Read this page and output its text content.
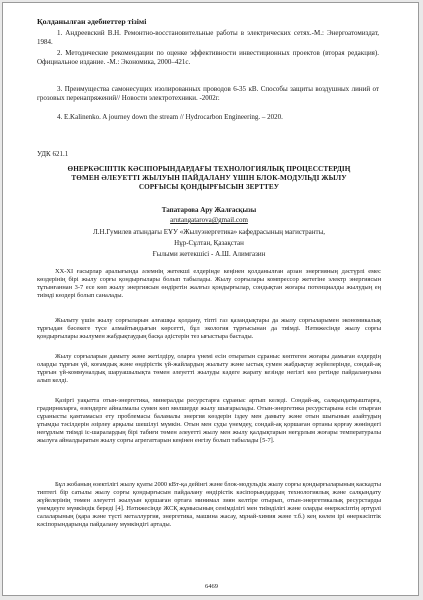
Қолданылған әдебиеттер тізімі
1. Андреевский В.Н. Ремонтно-восстановительные работы в электрических сетях.-М.: Энергоатомиздат, 1984.
2. Методические рекомендации по оценке эффективности инвестиционных проектов (вторая редакция). Официальное издание. -М.: Экономика, 2000–421с.
3. Преимущества самонесущих изолированных проводов 6-35 кВ. Способы защиты воздушных линий от грозовых перенапряжений// Новости электротехники. -2002г.
4. E.Kalinenko. A journey down the stream // Hydrocarbon Engineering. – 2020.
УДК 621.1
ӨНЕРКӘСІПТІК КӘСІПОРЫНДАРДАҒЫ ТЕХНОЛОГИЯЛЫҚ ПРОЦЕССТЕРДІҢ
ТӨМЕН ӘЛЕУЕТТІ ЖЫЛУЫН ПАЙДАЛАНУ ҮШІН БЛОК-МОДУЛЬДІ ЖЫЛУ
СОРҒЫСЫ ҚОНДЫРҒЫСЫН ЗЕРТТЕУ
Тапатарова Ару Жалғасқызы
arutangatarova@gmail.com
Л.Н.Гумилев атындағы ЕҰУ «Жылуэнергетика» кафедрасының магистранты,
Нұр-Сұлтан, Қазақстан
Ғылыми жетекшісі - А.Ш. Алимгазин
XX-XI ғасырлар аралығында әлемнің жетекші елдерінде кеңінен қолданылған арзан энергияның дәстүрлі емес көздерінің бірі жылу сорғы қондырғылары болып табылады. Жылу сорғылары компрессор жетегіне электр энергиясын тұтынғаннан 3-7 есе көп жылу энергиясын өндіретін жалғыз қондырғылар, сондықтан жоғары потенциалды жылудың ең тиімді көздері болып саналады.
Жылыту үшін жылу сорғыларын алғашқы қолдану, тіпті газ қазандықтары да жылу сорғыларымен экономикалық тұрғыдан бәсекеге түсе алмайтындығын көрсетті, бұл экология тұрғысынан да тиімді. Нәтижесінде жылу сорғы қондырғылары жылумен жабдықтаудың басқа әдістерін тез ығыстыра бастады.
Жылу сорғыларын дамыту және жетілдіру, оларға үнемі есін отыратын сұраныс көптеген жоғары дамыған елдердің оларды тұрғын үй, коғамдық және өндірістік үй-жайлардың жылыту және ыстық сумен жабдықтау жүйелерінде, сондай-ақ тұрғын үй-коммуналдық шаруашылықта төмен әлеуетті жылуды кәдеге жарату кезінде негізгі көз ретінде пайдалануына алып келді.
Қазіргі уақытта отын-энергетика, минералды ресурстарға сұраныс артып келеді. Сондай-ақ, салқындатқыштарға, градирняларға, өзендерге айналмалы сумен көп мөлшерде жылу шығарылады. Отын-энергетика ресурстарына есін отырған сұранысты қамтамасыз ету проблемасы баламалы энергия көздерін іздеу мен дамыту және отын шығынын азайтудың ұтымды тәсілдерін әзірлеу арқылы шешілуі мүмкін. Отын мен суды үнемдеу, сондай-ақ қоршаған ортаны қорғау жөніндегі неғұрлым тиімді іс-шаралардың бірі табиғи төмен әлеуетті жылу мен жылу қалдықтарын неғұрлым жоғары температуралы жылуға айналдыратын жылу сорғы агрегаттарын кеңінен енгізу болып табылады [5-7].
Бұл жобаның өзектілігі жылу қуаты 2000 кВт-қа дейінгі және блок-модульдік жылу сорғы қондырғыларының каскадты типтегі бір сатылы жылу сорғы қондырғысын пайдалану өндірістік кәсіпорындардың технологиялық және салқындату жүйелерінің төмен әлеуетті жылуын қоршаған ортаға минимал зиян келтіре отырып, отын-энергетикалық ресурстарды үнемдеуге мүмкіндік береді [4]. Нәтижесінде ЖСҚ жұмысының сенімділігі мен тиімділігі және оларды өнеркәсіптің әртүрлі салаларының (қара және түсті металлургия, энергетика, машина жасау, мұнай-химия және т.б.) кең көлем ірі өнеркәсіптік кәсіпорындарында пайдалану мүмкіндігі артады.
6469
